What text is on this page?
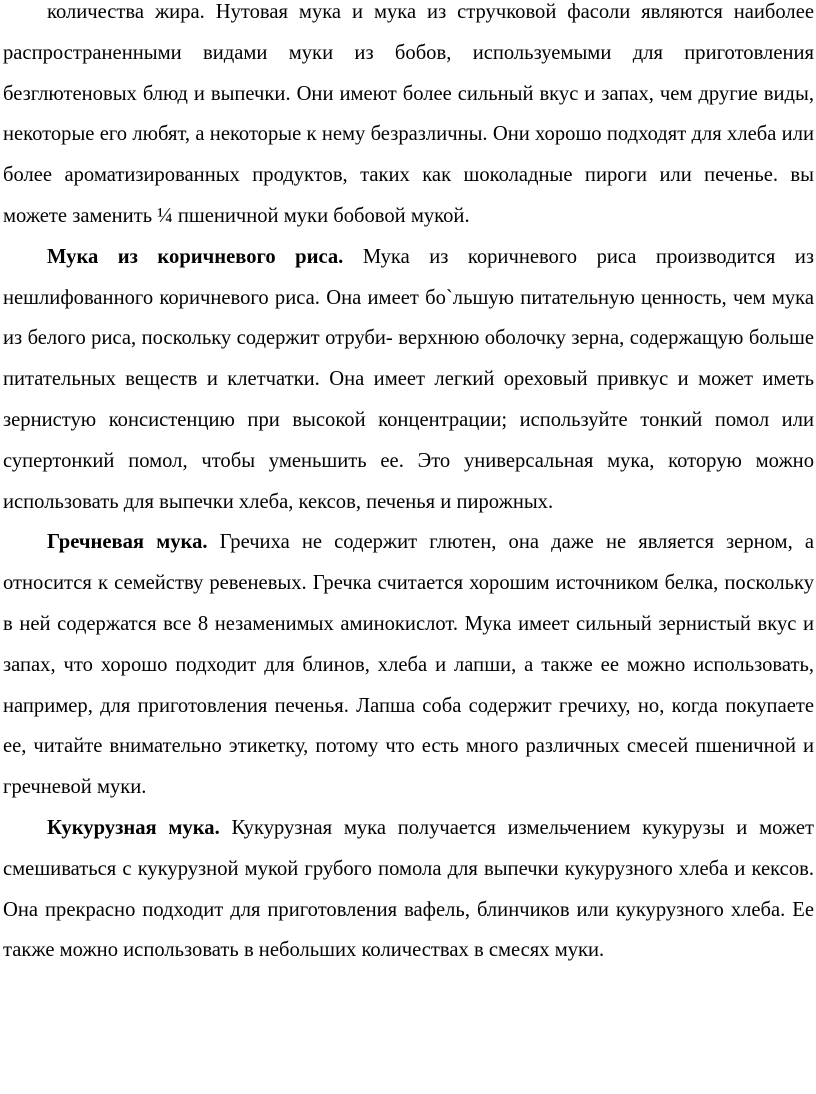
количества жира. Нутовая мука и мука из стручковой фасоли являются наиболее распространенными видами муки из бобов, используемыми для приготовления безглютеновых блюд и выпечки. Они имеют более сильный вкус и запах, чем другие виды, некоторые его любят, а некоторые к нему безразличны. Они хорошо подходят для хлеба или более ароматизированных продуктов, таких как шоколадные пироги или печенье. вы можете заменить ¼ пшеничной муки бобовой мукой.

Мука из коричневого риса. Мука из коричневого риса производится из нешлифованного коричневого риса. Она имеет бо`льшую питательную ценность, чем мука из белого риса, поскольку содержит отруби- верхнюю оболочку зерна, содержащую больше питательных веществ и клетчатки. Она имеет легкий ореховый привкус и может иметь зернистую консистенцию при высокой концентрации; используйте тонкий помол или супертонкий помол, чтобы уменьшить ее. Это универсальная мука, которую можно использовать для выпечки хлеба, кексов, печенья и пирожных.

Гречневая мука. Гречиха не содержит глютен, она даже не является зерном, а относится к семейству ревеневых. Гречка считается хорошим источником белка, поскольку в ней содержатся все 8 незаменимых аминокислот. Мука имеет сильный зернистый вкус и запах, что хорошо подходит для блинов, хлеба и лапши, а также ее можно использовать, например, для приготовления печенья. Лапша соба содержит гречиху, но, когда покупаете ее, читайте внимательно этикетку, потому что есть много различных смесей пшеничной и гречневой муки.

Кукурузная мука. Кукурузная мука получается измельчением кукурузы и может смешиваться с кукурузной мукой грубого помола для выпечки кукурузного хлеба и кексов. Она прекрасно подходит для приготовления вафель, блинчиков или кукурузного хлеба. Ее также можно использовать в небольших количествах в смесях муки.
